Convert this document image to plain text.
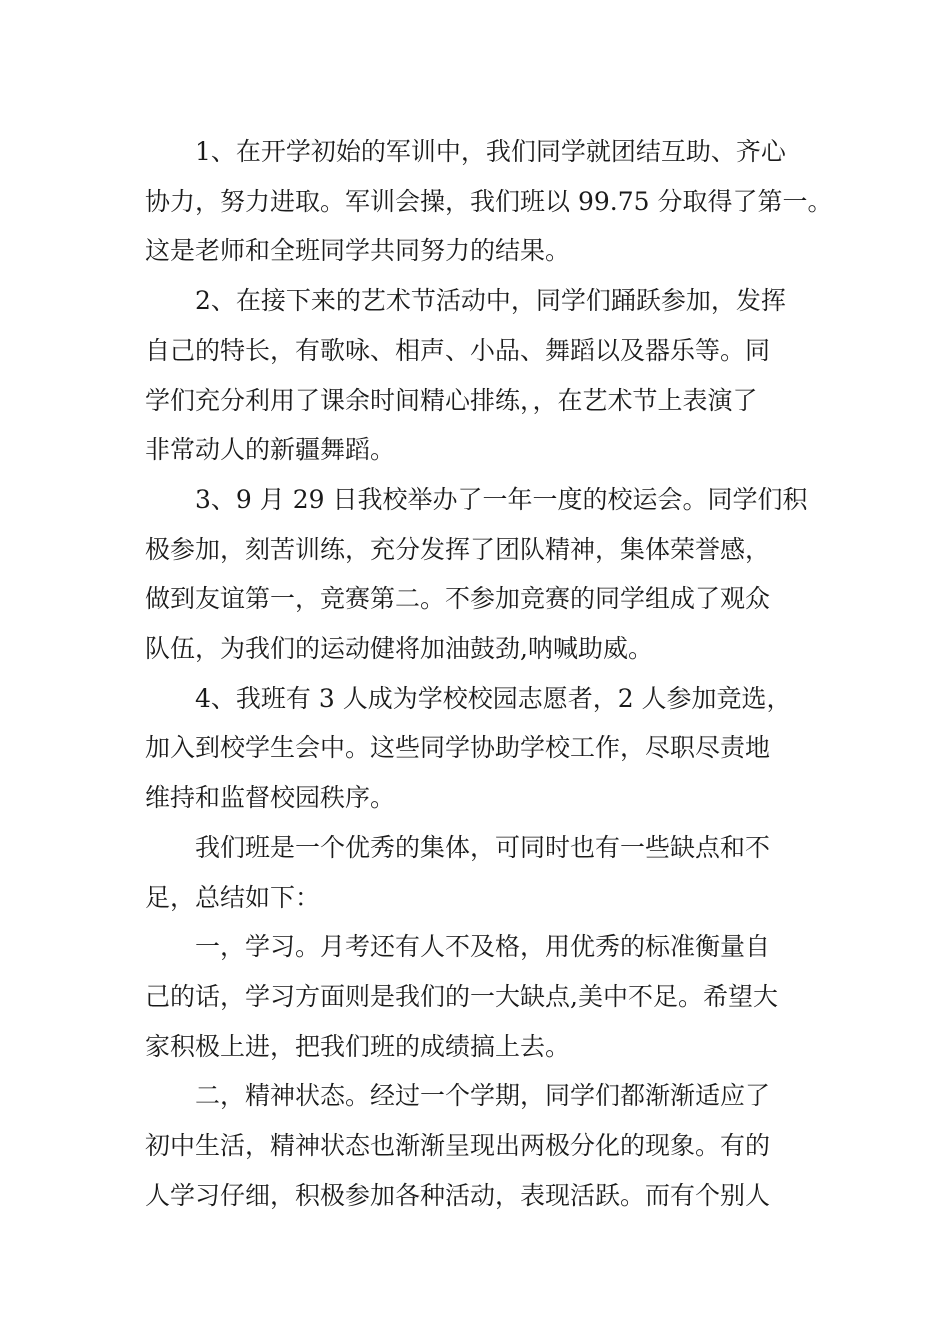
1、在开学初始的军训中，我们同学就团结互助、齐心
协力，努力进取。军训会操，我们班以 99.75 分取得了第一。
这是老师和全班同学共同努力的结果。
2、在接下来的艺术节活动中，同学们踊跃参加，发挥
自己的特长，有歌咏、相声、小品、舞蹈以及器乐等。同
学们充分利用了课余时间精心排练，，在艺术节上表演了
非常动人的新疆舞蹈。
3、9 月 29 日我校举办了一年一度的校运会。同学们积
极参加，刻苦训练，充分发挥了团队精神，集体荣誉感，
做到友谊第一，竞赛第二。不参加竞赛的同学组成了观众
队伍，为我们的运动健将加油鼓劲,呐喊助威。
4、我班有 3 人成为学校校园志愿者，2 人参加竞选，
加入到校学生会中。这些同学协助学校工作，尽职尽责地
维持和监督校园秩序。
我们班是一个优秀的集体，可同时也有一些缺点和不
足，总结如下：
一，学习。月考还有人不及格，用优秀的标准衡量自
己的话，学习方面则是我们的一大缺点,美中不足。希望大
家积极上进，把我们班的成绩搞上去。
二，精神状态。经过一个学期，同学们都渐渐适应了
初中生活，精神状态也渐渐呈现出两极分化的现象。有的
人学习仔细，积极参加各种活动，表现活跃。而有个别人
